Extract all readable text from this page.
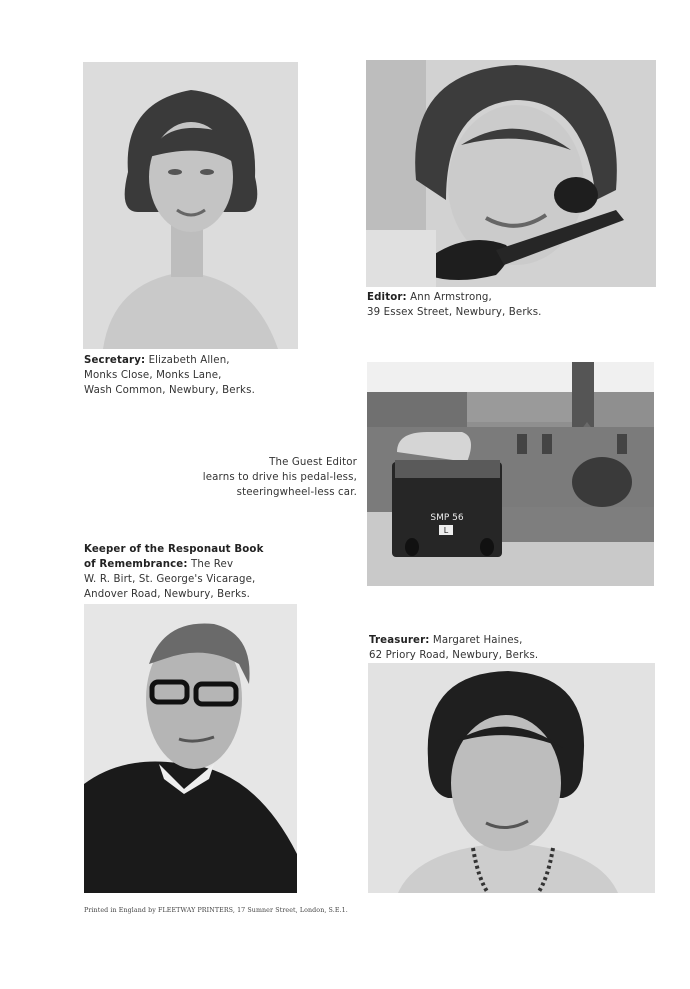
Secretary: Elizabeth Allen,
Monks Close, Monks Lane,
Wash Common, Newbury, Berks.
Editor: Ann Armstrong,
39 Essex Street, Newbury, Berks.
SMP 56
L
The Guest Editor
learns to drive his pedal-less,
steeringwheel-less car.
Keeper of the Responaut Book
of Remembrance: The Rev
W. R. Birt, St. George's Vicarage,
Andover Road, Newbury, Berks.
Treasurer: Margaret Haines,
62 Priory Road, Newbury, Berks.
Printed in England by FLEETWAY PRINTERS, 17 Sumner Street, London, S.E.1.
